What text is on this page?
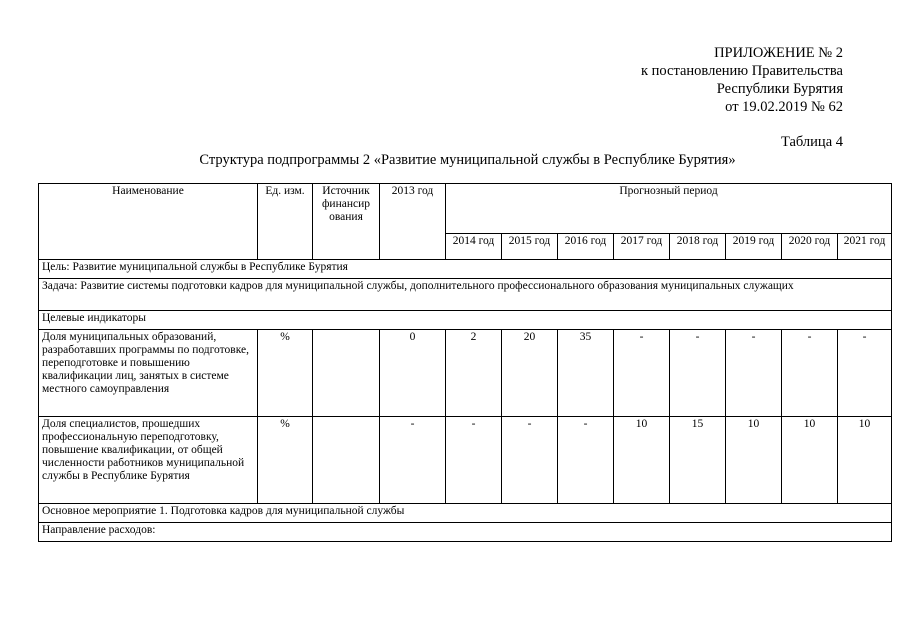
ПРИЛОЖЕНИЕ № 2
к постановлению Правительства
Республики Бурятия
от 19.02.2019 № 62
Таблица 4
Структура подпрограммы 2 «Развитие муниципальной службы в Республике Бурятия»
Наименование	Ед. изм.	Источник финансир ования	2013 год	Прогнозный период							
				2014 год	2015 год	2016 год	2017 год	2018 год	2019 год	2020 год	2021 год
Цель: Развитие муниципальной службы в Республике Бурятия											
Задача: Развитие системы подготовки кадров для муниципальной службы, дополнительного профессионального образования муниципальных служащих											
Целевые индикаторы											
Доля муниципальных образований, разработавших программы по подготовке, переподготовке и повышению квалификации лиц, занятых в системе местного самоуправления	%		0	2	20	35	-	-	-	-	-
Доля специалистов, прошедших профессиональную переподготовку, повышение квалификации, от общей численности работников муниципальной службы в Республике Бурятия	%		-	-	-	-	10	15	10	10	10
Основное мероприятие 1. Подготовка кадров для муниципальной службы											
Направление расходов:											
